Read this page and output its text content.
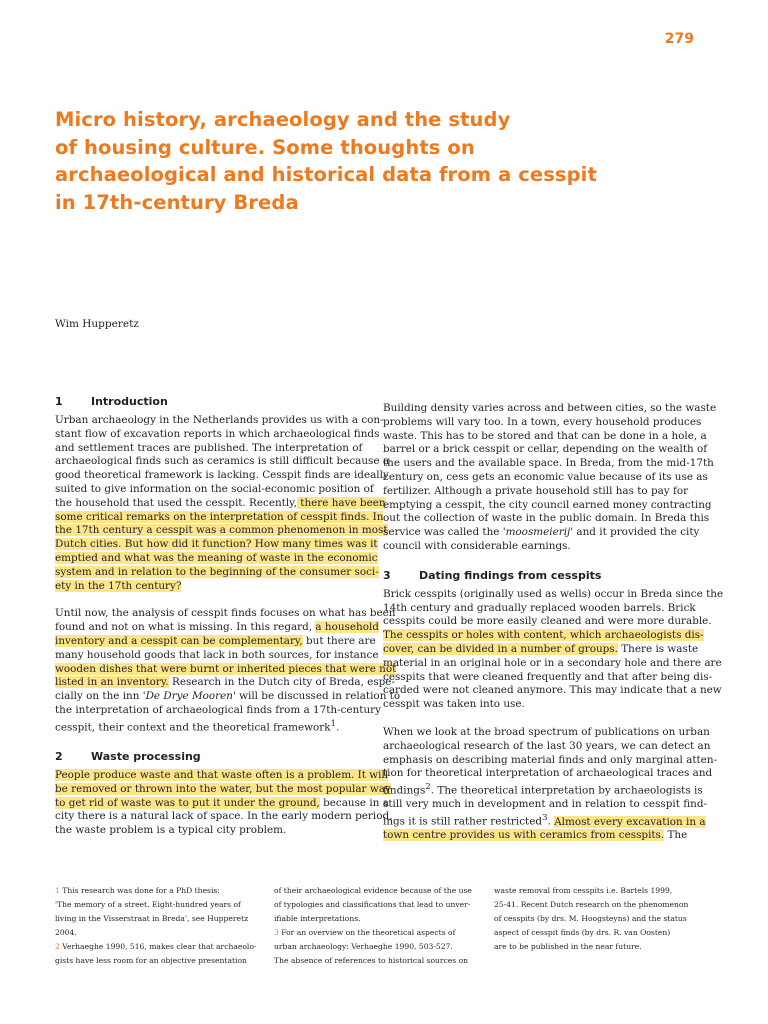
279
Micro history, archaeology and the study
of housing culture. Some thoughts on
archaeological and historical data from a cesspit
in 17th-century Breda
Wim Hupperetz
1	Introduction
Urban archaeology in the Netherlands provides us with a con-
stant flow of excavation reports in which archaeological finds
and settlement traces are published. The interpretation of
archaeological finds such as ceramics is still difficult because a
good theoretical framework is lacking. Cesspit finds are ideally
suited to give information on the social-economic position of
the household that used the cesspit. Recently, there have been
some critical remarks on the interpretation of cesspit finds. In
the 17th century a cesspit was a common phenomenon in most
Dutch cities. But how did it function? How many times was it
emptied and what was the meaning of waste in the economic
system and in relation to the beginning of the consumer soci-
ety in the 17th century?
Until now, the analysis of cesspit finds focuses on what has been
found and not on what is missing. In this regard, a household
inventory and a cesspit can be complementary, but there are
many household goods that lack in both sources, for instance
wooden dishes that were burnt or inherited pieces that were not
listed in an inventory. Research in the Dutch city of Breda, espe-
cially on the inn 'De Drye Mooren' will be discussed in relation to
the interpretation of archaeological finds from a 17th-century
cesspit, their context and the theoretical framework$^1$.
2	Waste processing
People produce waste and that waste often is a problem. It will
be removed or thrown into the water, but the most popular way
to get rid of waste was to put it under the ground, because in a
city there is a natural lack of space. In the early modern period,
the waste problem is a typical city problem.
Building density varies across and between cities, so the waste
problems will vary too. In a town, every household produces
waste. This has to be stored and that can be done in a hole, a
barrel or a brick cesspit or cellar, depending on the wealth of
the users and the available space. In Breda, from the mid-17th
century on, cess gets an economic value because of its use as
fertilizer. Although a private household still has to pay for
emptying a cesspit, the city council earned money contracting
out the collection of waste in the public domain. In Breda this
service was called the 'moosmeierij' and it provided the city
council with considerable earnings.
3	Dating findings from cesspits
Brick cesspits (originally used as wells) occur in Breda since the
14th century and gradually replaced wooden barrels. Brick
cesspits could be more easily cleaned and were more durable.
The cesspits or holes with content, which archaeologists dis-
cover, can be divided in a number of groups. There is waste
material in an original hole or in a secondary hole and there are
cesspits that were cleaned frequently and that after being dis-
carded were not cleaned anymore. This may indicate that a new
cesspit was taken into use.
When we look at the broad spectrum of publications on urban
archaeological research of the last 30 years, we can detect an
emphasis on describing material finds and only marginal atten-
tion for theoretical interpretation of archaeological traces and
findings$^2$. The theoretical interpretation by archaeologists is
still very much in development and in relation to cesspit find-
ings it is still rather restricted$^3$. Almost every excavation in a
town centre provides us with ceramics from cesspits. The
1 This research was done for a PhD thesis:
'The memory of a street. Eight-hundred years of
living in the Visserstraat in Breda', see Hupperetz
2004.
2 Verhaeghe 1990, 516, makes clear that archaeolo-
gists have less room for an objective presentation
of their archaeological evidence because of the use
of typologies and classifications that lead to unver-
ifiable interpretations.
3 For an overview on the theoretical aspects of
urban archaeology: Verhaeghe 1990, 503-527.
The absence of references to historical sources on
waste removal from cesspits i.e. Bartels 1999,
25-41. Recent Dutch research on the phenomenon
of cesspits (by drs. M. Hoogsteyns) and the status
aspect of cesspit finds (by drs. R. van Oosten)
are to be published in the near future.
